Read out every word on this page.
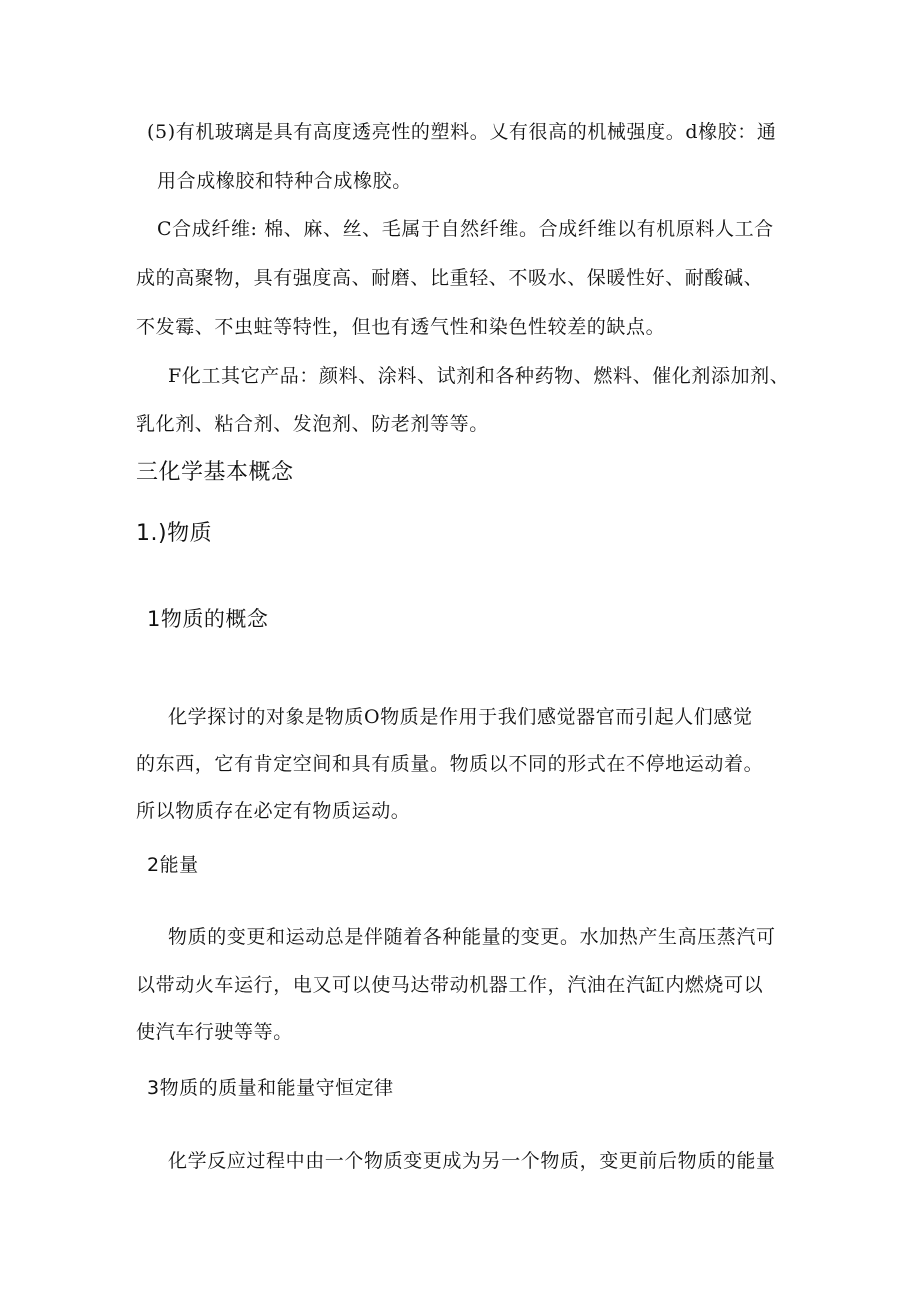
(5)有机玻璃是具有高度透亮性的塑料。乂有很高的机械强度。d橡胶：通
用合成橡胶和特种合成橡胶。
C合成纤维: 棉、麻、丝、毛属于自然纤维。合成纤维以有机原料人工合
成的高聚物，具有强度高、耐磨、比重轻、不吸水、保暖性好、耐酸碱、
不发霉、不虫蛀等特性，但也有透气性和染色性较差的缺点。
F化工其它产品：颜料、涂料、试剂和各种药物、燃料、催化剂添加剂、
乳化剂、粘合剂、发泡剂、防老剂等等。
三化学基本概念
1.)物质
1物质的概念
化学探讨的对象是物质O物质是作用于我们感觉器官而引起人们感觉
的东西，它有肯定空间和具有质量。物质以不同的形式在不停地运动着。
所以物质存在必定有物质运动。
2能量
物质的变更和运动总是伴随着各种能量的变更。水加热产生高压蒸汽可
以带动火车运行，电又可以使马达带动机器工作，汽油在汽缸内燃烧可以
使汽车行驶等等。
3物质的质量和能量守恒定律
化学反应过程中由一个物质变更成为另一个物质，变更前后物质的能量
